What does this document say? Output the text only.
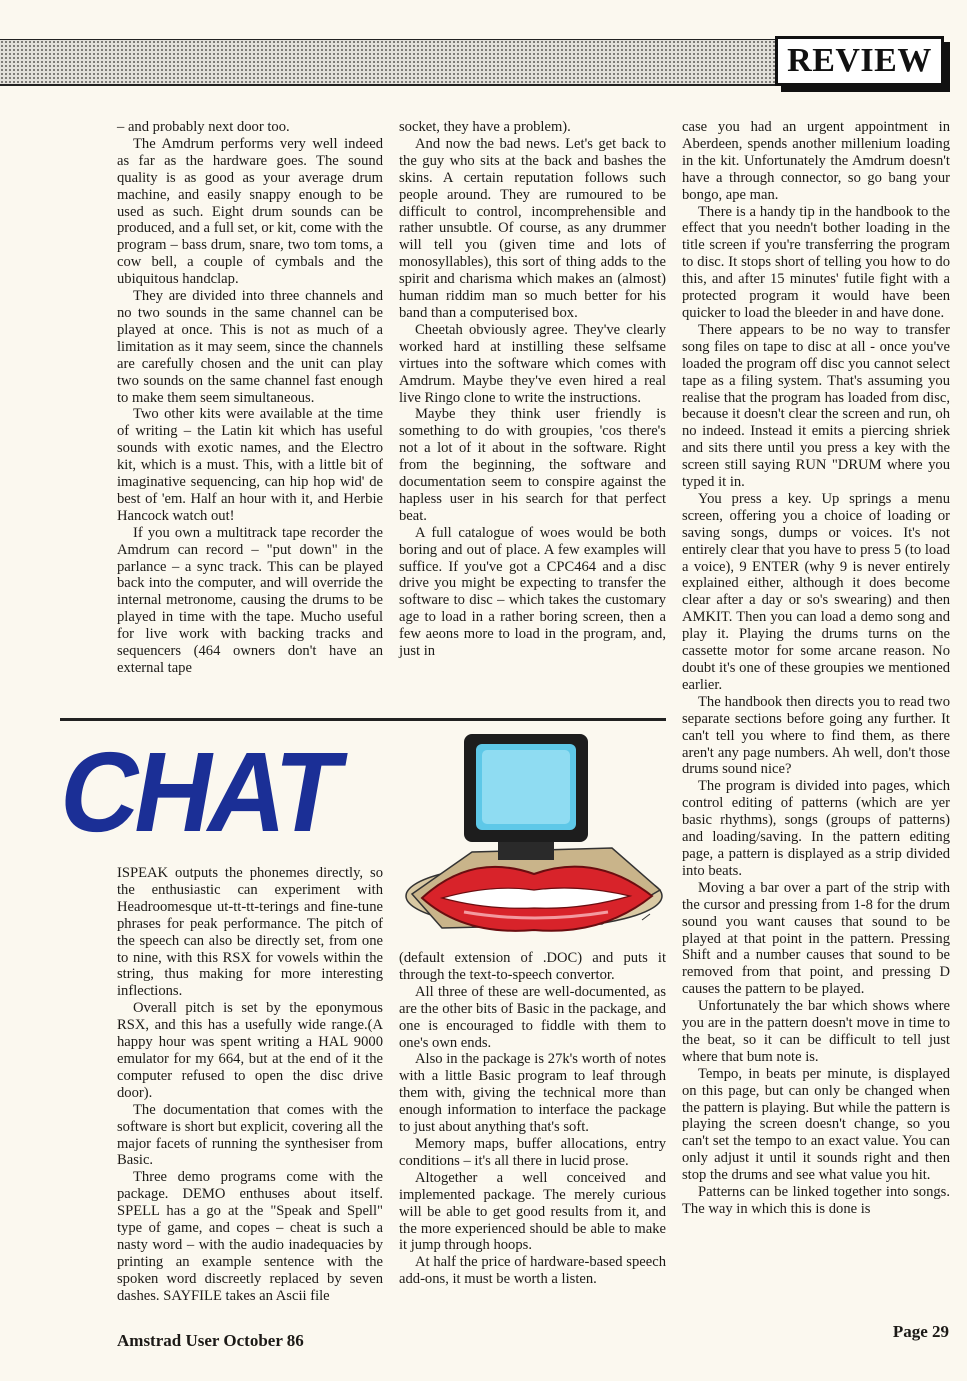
REVIEW

– and probably next door too.

The Amdrum performs very well indeed as far as the hardware goes. The sound quality is as good as your average drum machine, and easily snappy enough to be used as such. Eight drum sounds can be produced, and a full set, or kit, come with the program – bass drum, snare, two tom toms, a cow bell, a couple of cymbals and the ubiquitous handclap.

They are divided into three channels and no two sounds in the same channel can be played at once. This is not as much of a limitation as it may seem, since the channels are carefully chosen and the unit can play two sounds on the same channel fast enough to make them seem simultaneous.

Two other kits were available at the time of writing – the Latin kit which has useful sounds with exotic names, and the Electro kit, which is a must. This, with a little bit of imaginative sequencing, can hip hop wid' de best of 'em. Half an hour with it, and Herbie Hancock watch out!

If you own a multitrack tape recorder the Amdrum can record – "put down" in the parlance – a sync track. This can be played back into the computer, and will override the internal metronome, causing the drums to be played in time with the tape. Mucho useful for live work with backing tracks and sequencers (464 owners don't have an external tape

socket, they have a problem).

And now the bad news. Let's get back to the guy who sits at the back and bashes the skins. A certain reputation follows such people around. They are rumoured to be difficult to control, incomprehensible and rather unsubtle. Of course, as any drummer will tell you (given time and lots of monosyllables), this sort of thing adds to the spirit and charisma which makes an (almost) human riddim man so much better for his band than a computerised box.

Cheetah obviously agree. They've clearly worked hard at instilling these selfsame virtues into the software which comes with Amdrum. Maybe they've even hired a real live Ringo clone to write the instructions.

Maybe they think user friendly is something to do with groupies, 'cos there's not a lot of it about in the software. Right from the beginning, the software and documentation seem to conspire against the hapless user in his search for that perfect beat.

A full catalogue of woes would be both boring and out of place. A few examples will suffice. If you've got a CPC464 and a disc drive you might be expecting to transfer the software to disc – which takes the customary age to load in a rather boring screen, then a few aeons more to load in the program, and, just in

case you had an urgent appointment in Aberdeen, spends another millenium loading in the kit. Unfortunately the Amdrum doesn't have a through connector, so go bang your bongo, ape man.

There is a handy tip in the handbook to the effect that you needn't bother loading in the title screen if you're transferring the program to disc. It stops short of telling you how to do this, and after 15 minutes' futile fight with a protected program it would have been quicker to load the bleeder in and have done.

There appears to be no way to transfer song files on tape to disc at all - once you've loaded the program off disc you cannot select tape as a filing system. That's assuming you realise that the program has loaded from disc, because it doesn't clear the screen and run, oh no indeed. Instead it emits a piercing shriek and sits there until you press a key with the screen still saying RUN "DRUM where you typed it in.

You press a key. Up springs a menu screen, offering you a choice of loading or saving songs, dumps or voices. It's not entirely clear that you have to press 5 (to load a voice), 9 ENTER (why 9 is never entirely explained either, although it does become clear after a day or so's swearing) and then AMKIT. Then you can load a demo song and play it. Playing the drums turns on the cassette motor for some arcane reason. No doubt it's one of these groupies we mentioned earlier.

The handbook then directs you to read two separate sections before going any further. It can't tell you where to find them, as there aren't any page numbers. Ah well, don't those drums sound nice?

The program is divided into pages, which control editing of patterns (which are yer basic rhythms), songs (groups of patterns) and loading/saving. In the pattern editing page, a pattern is displayed as a strip divided into beats.

Moving a bar over a part of the strip with the cursor and pressing from 1-8 for the drum sound you want causes that sound to be played at that point in the pattern. Pressing Shift and a number causes that sound to be removed from that point, and pressing D causes the pattern to be played.

Unfortunately the bar which shows where you are in the pattern doesn't move in time to the beat, so it can be difficult to tell just where that bum note is.

Tempo, in beats per minute, is displayed on this page, but can only be changed when the pattern is playing. But while the pattern is playing the screen doesn't change, so you can't set the tempo to an exact value. You can only adjust it until it sounds right and then stop the drums and see what value you hit.

Patterns can be linked together into songs. The way in which this is done is

CHAT

ISPEAK outputs the phonemes directly, so the enthusiastic can experiment with Headroomesque ut-tt-tt-terings and fine-tune phrases for peak performance. The pitch of the speech can also be directly set, from one to nine, with this RSX for vowels within the string, thus making for more interesting inflections.

Overall pitch is set by the eponymous RSX, and this has a usefully wide range.(A happy hour was spent writing a HAL 9000 emulator for my 664, but at the end of it the computer refused to open the disc drive door).

The documentation that comes with the software is short but explicit, covering all the major facets of running the synthesiser from Basic.

Three demo programs come with the package. DEMO enthuses about itself. SPELL has a go at the "Speak and Spell" type of game, and copes – cheat is such a nasty word – with the audio inadequacies by printing an example sentence with the spoken word discreetly replaced by seven dashes. SAYFILE takes an Ascii file

(default extension of .DOC) and puts it through the text-to-speech convertor.

All three of these are well-documented, as are the other bits of Basic in the package, and one is encouraged to fiddle with them to one's own ends.

Also in the package is 27k's worth of notes with a little Basic program to leaf through them with, giving the technical more than enough information to interface the package to just about anything that's soft.

Memory maps, buffer allocations, entry conditions – it's all there in lucid prose.

Altogether a well conceived and implemented package. The merely curious will be able to get good results from it, and the more experienced should be able to make it jump through hoops.

At half the price of hardware-based speech add-ons, it must be worth a listen.

Amstrad User October 86	Page 29
